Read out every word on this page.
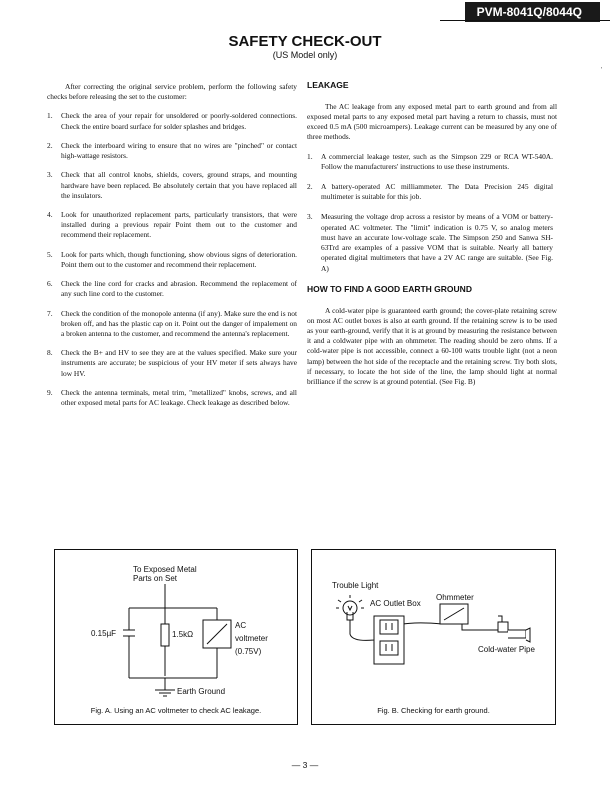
PVM-8041Q/8044Q
'
SAFETY CHECK-OUT
(US Model only)

After correcting the original service problem, perform the following safety checks before releasing the set to the customer:

1.	Check the area of your repair for unsoldered or poorly-soldered connections. Check the entire board surface for solder splashes and bridges.
2.	Check the interboard wiring to ensure that no wires are "pinched" or contact high-wattage resistors.
3.	Check that all control knobs, shields, covers, ground straps, and mounting hardware have been replaced. Be absolutely certain that you have replaced all the insulators.
4.	Look for unauthorized replacement parts, particularly transistors, that were installed during a previous repair Point them out to the customer and recommend their replacement.
5.	Look for parts which, though functioning, show obvious signs of deterioration. Point them out to the customer and recommend their replacement.
6.	Check the line cord for cracks and abrasion. Recommend the replacement of any such line cord to the customer.
7.	Check the condition of the monopole antenna (if any). Make sure the end is not broken off, and has the plastic cap on it. Point out the danger of impalement on a broken antenna to the customer, and recommend the antenna's replacement.
8.	Check the B+ and HV to see they are at the values specified. Make sure your instruments are accurate; be suspicious of your HV meter if sets always have low HV.
9.	Check the antenna terminals, metal trim, "metallized" knobs, screws, and all other exposed metal parts for AC leakage. Check leakage as described below.
LEAKAGE

The AC leakage from any exposed metal part to earth ground and from all exposed metal parts to any exposed metal part having a return to chassis, must not exceed 0.5 mA (500 microampers). Leakage current can be measured by any one of three methods.

1.	A commercial leakage tester, such as the Simpson 229 or RCA WT-540A. Follow the manufacturers' instructions to use these instruments.
2.	A battery-operated AC milliammeter. The Data Precision 245 digital multimeter is suitable for this job.
3.	Measuring the voltage drop across a resistor by means of a VOM or battery-operated AC voltmeter. The "limit" indication is 0.75 V, so analog meters must have an accurate low-voltage scale. The Simpson 250 and Sanwa SH-63Trd are examples of a passive VOM that is suitable. Nearly all battery operated digital multimeters that have a 2V AC range are suitable. (See Fig. A)
HOW TO FIND A GOOD EARTH GROUND

A cold-water pipe is guaranteed earth ground; the cover-plate retaining screw on most AC outlet boxes is also at earth ground. If the retaining screw is to be used as your earth-ground, verify that it is at ground by measuring the resistance between it and a coldwater pipe with an ohmmeter. The reading should be zero ohms. If a cold-water pipe is not accessible, connect a 60-100 watts trouble light (not a neon lamp) between the hot side of the receptacle and the retaining screw. Try both slots, if necessary, to locate the hot side of the line, the lamp should light at normal brilliance if the screw is at ground potential. (See Fig. B)

To Exposed Metal
Parts on Set
0.15µF	1.5kΩ
AC
voltmeter
(0.75V)
Earth Ground
Fig. A. Using an AC voltmeter to check AC leakage.
Trouble Light
AC Outlet Box
Ohmmeter
Cold-water Pipe
Fig. B. Checking for earth ground.
— 3 —
